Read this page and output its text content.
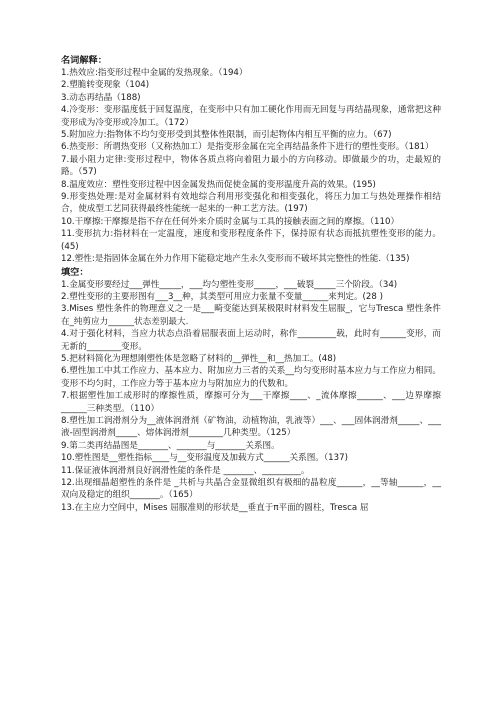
名词解释：

1.热效应:指变形过程中金属的发热现象。（194）

2.塑脆转变现象（104)

3.动态再结晶（188)

4.冷变形：变形温度低于回复温度，在变形中只有加工硬化作用而无回复与再结晶现象，通常把这种变形成为冷变形或冷加工。（172）

5.附加应力:指物体不均匀变形受到其整体性限制，而引起物体内相互平衡的应力。（67)

6.热变形：所谓热变形（又称热加工）是指变形金属在完全再结晶条件下进行的塑性变形。（181）

7.最小阻力定律:变形过程中，物体各质点将向着阻力最小的方向移动。即做最少的功，走最短的路。（57)

8.温度效应：塑性变形过程中因金属发热而促使金属的变形温度升高的效果。(195)

9.形变热处理:是对金属材料有效地综合利用形变强化和相变强化，将压力加工与热处理操作相结合，使成型工艺同获得最终性能统一起来的一种工艺方法。(197)

10.干摩擦:干摩擦是指不存在任何外来介质时金属与工具的接触表面之间的摩擦。（110）

11.变形抗力:指材料在一定温度，速度和变形程度条件下，保持原有状态而抵抗塑性变形的能力。(45)

12.塑性:是指固体金属在外力作用下能稳定地产生永久变形而不破坏其完整性的性能.（135)

填空：

1.金属变形要经过___弹性_____，___均匀塑性变形_____，___破裂_____三个阶段。（34)

2.塑性变形的主要形图有___3__种，其类型可用应力张量不变量______来判定。(28 )

3.Mises 塑性条件的物理意义之一是___畸变能达到某极限时材料发生屈服_，它与Tresca 塑性条件在_纯剪应力______状态差别最大.

4.对于强化材料，当应力状态点沿着屈服表面上运动时，称作_________载，此时有______变形，而无新的________变形。

5.把材料简化为理想刚塑性体是忽略了材料的__弹性__和__热加工。(48)

6.塑性加工中其工作应力、基本应力、附加应力三者的关系__均匀变形时基本应力与工作应力相同。变形不均匀时，工作应力等于基本应力与附加应力的代数和。

7.根据塑性加工成形时的摩擦性质，摩擦可分为___干摩擦____、_流体摩擦______、___边界摩擦______三种类型。（110）

8.塑性加工润滑剂分为__液体润滑剂（矿物油，动植物油，乳液等）___、___固体润滑剂_____、___液-固型润滑剂_____、熔体润滑剂________几种类型。（125）

9.第二类再结晶图是_______、_______与_______关系图。

10.塑性图是__塑性指标____与__变形温度及加载方式______关系图。（137)

11.保证液体润滑剂良好润滑性能的条件是 _______、_________。

12.出现细晶超塑性的条件是 _共析与共晶合金显微组织有极细的晶粒度______，__等轴______，__双向及稳定的组织_______。（165）

13.在主应力空间中，Mises 屈服准则的形状是__垂直于π平面的圆柱，Tresca 屈
